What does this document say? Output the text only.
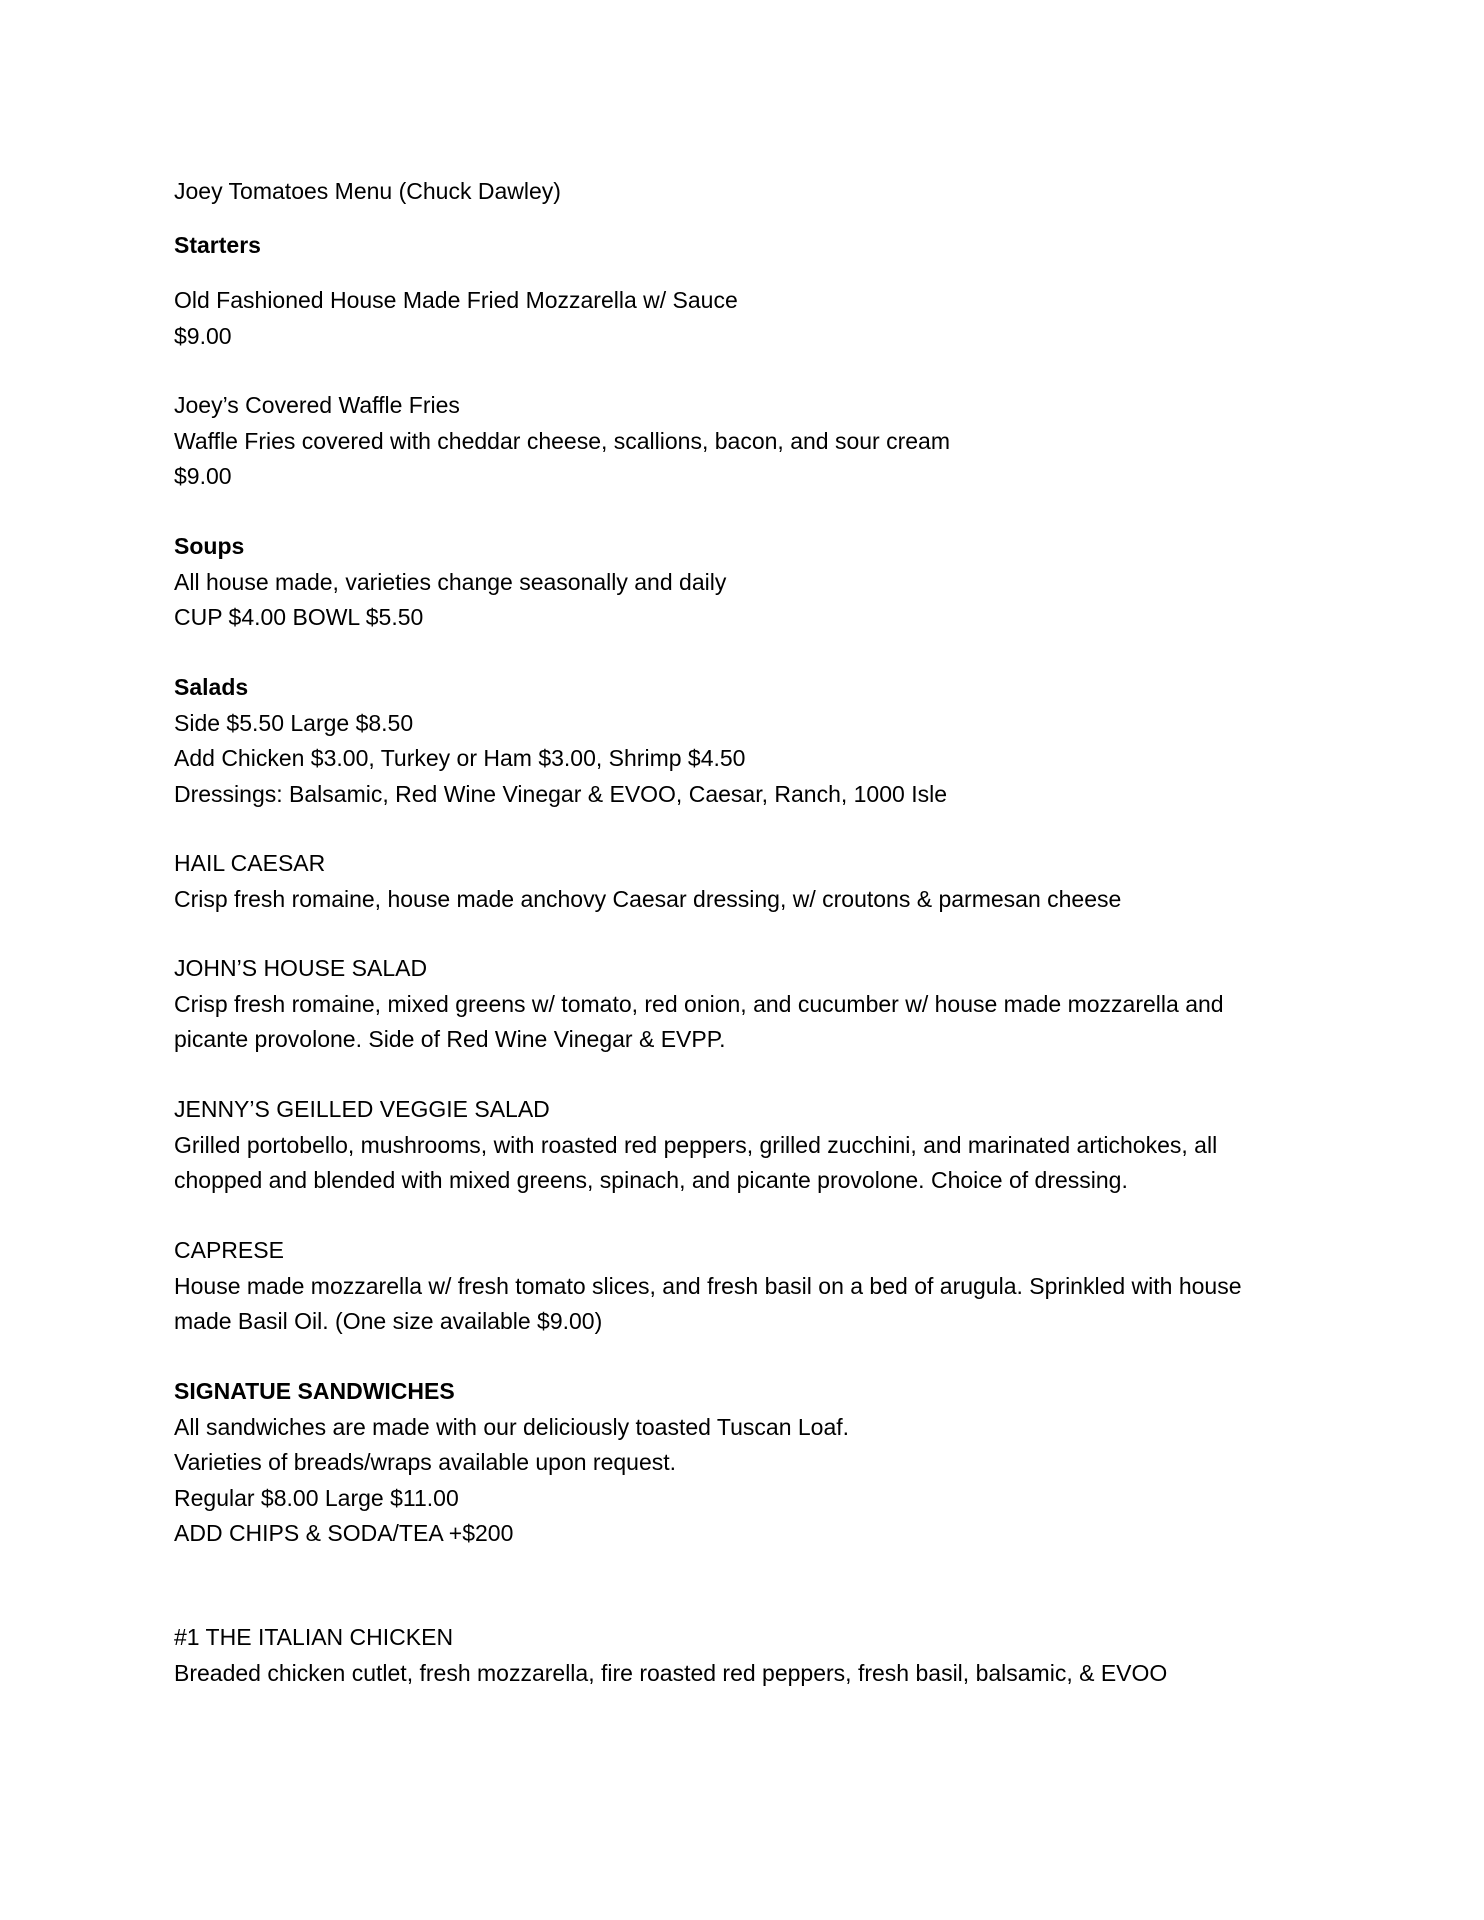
Joey Tomatoes Menu (Chuck Dawley)
Starters
Old Fashioned House Made Fried Mozzarella w/ Sauce
$9.00
Joey’s Covered Waffle Fries
Waffle Fries covered with cheddar cheese, scallions, bacon, and sour cream
$9.00
Soups
All house made, varieties change seasonally and daily
CUP $4.00 BOWL $5.50
Salads
Side $5.50 Large $8.50
Add Chicken $3.00, Turkey or Ham $3.00, Shrimp $4.50
Dressings: Balsamic, Red Wine Vinegar & EVOO, Caesar, Ranch, 1000 Isle
HAIL CAESAR
Crisp fresh romaine, house made anchovy Caesar dressing, w/ croutons & parmesan cheese
JOHN’S HOUSE SALAD
Crisp fresh romaine, mixed greens w/ tomato, red onion, and cucumber w/ house made mozzarella and
picante provolone. Side of Red Wine Vinegar & EVPP.
JENNY’S GEILLED VEGGIE SALAD
Grilled portobello, mushrooms, with roasted red peppers, grilled zucchini, and marinated artichokes, all
chopped and blended with mixed greens, spinach, and picante provolone. Choice of dressing.
CAPRESE
House made mozzarella w/ fresh tomato slices, and fresh basil on a bed of arugula. Sprinkled with house
made Basil Oil. (One size available $9.00)
SIGNATUE SANDWICHES
All sandwiches are made with our deliciously toasted Tuscan Loaf.
Varieties of breads/wraps available upon request.
Regular $8.00 Large $11.00
ADD CHIPS & SODA/TEA +$200
#1 THE ITALIAN CHICKEN
Breaded chicken cutlet, fresh mozzarella, fire roasted red peppers, fresh basil, balsamic, & EVOO
